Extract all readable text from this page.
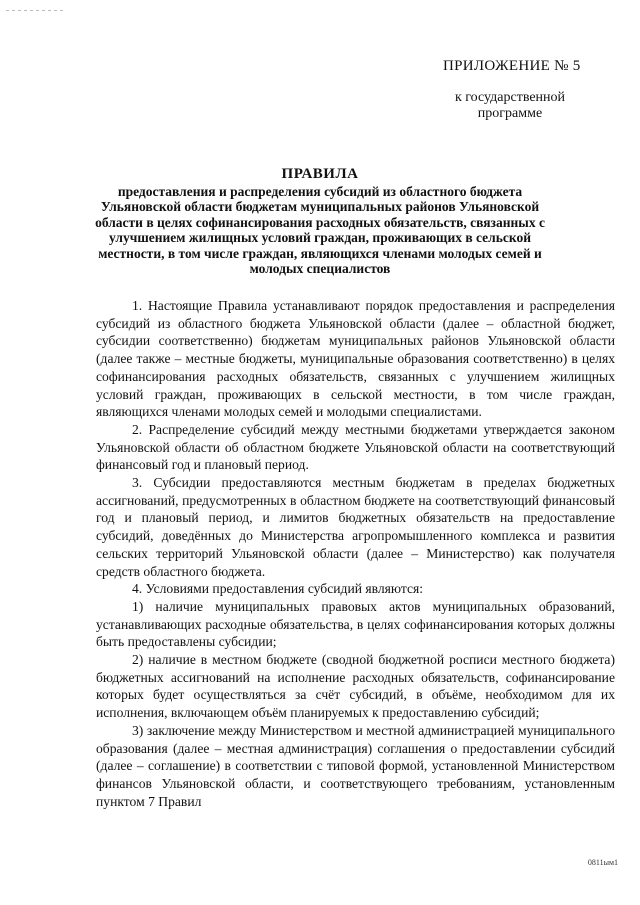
ПРИЛОЖЕНИЕ № 5
к государственной
программе
ПРАВИЛА
предоставления и распределения субсидий из областного бюджета Ульяновской области бюджетам муниципальных районов Ульяновской области в целях софинансирования расходных обязательств, связанных с улучшением жилищных условий граждан, проживающих в сельской местности, в том числе граждан, являющихся членами молодых семей и молодых специалистов

1. Настоящие Правила устанавливают порядок предоставления и распределения субсидий из областного бюджета Ульяновской области (далее – областной бюджет, субсидии соответственно) бюджетам муниципальных районов Ульяновской области (далее также – местные бюджеты, муниципальные образования соответственно) в целях софинансирования расходных обязательств, связанных с улучшением жилищных условий граждан, проживающих в сельской местности, в том числе граждан, являющихся членами молодых семей и молодыми специалистами.

2. Распределение субсидий между местными бюджетами утверждается законом Ульяновской области об областном бюджете Ульяновской области на соответствующий финансовый год и плановый период.

3. Субсидии предоставляются местным бюджетам в пределах бюджетных ассигнований, предусмотренных в областном бюджете на соответствующий финансовый год и плановый период, и лимитов бюджетных обязательств на предоставление субсидий, доведённых до Министерства агропромышленного комплекса и развития сельских территорий Ульяновской области (далее – Министерство) как получателя средств областного бюджета.

4. Условиями предоставления субсидий являются:

1) наличие муниципальных правовых актов муниципальных образований, устанавливающих расходные обязательства, в целях софинансирования которых должны быть предоставлены субсидии;

2) наличие в местном бюджете (сводной бюджетной росписи местного бюджета) бюджетных ассигнований на исполнение расходных обязательств, софинансирование которых будет осуществляться за счёт субсидий, в объёме, необходимом для их исполнения, включающем объём планируемых к предоставлению субсидий;

3) заключение между Министерством и местной администрацией муниципального образования (далее – местная администрация) соглашения о предоставлении субсидий (далее – соглашение) в соответствии с типовой формой, установленной Министерством финансов Ульяновской области, и соответствующего требованиям, установленным пунктом 7 Правил

0811ым1
